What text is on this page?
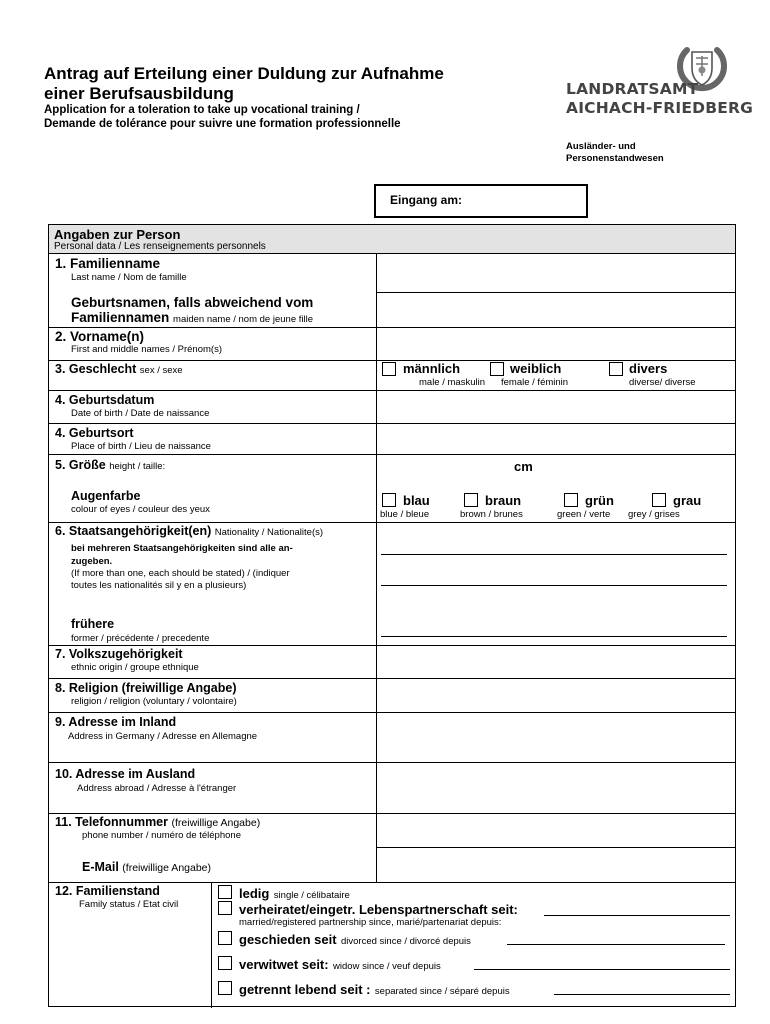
Antrag auf Erteilung einer Duldung zur Aufnahme
einer Berufsausbildung
Application for a toleration to take up vocational training /
Demande de tolérance pour suivre une formation professionnelle
LANDRATSAMT
AICHACH-FRIEDBERG
Ausländer- und
Personenstandwesen
Eingang am:
Angaben zur Person
Personal data / Les renseignements personnels
1. Familienname
Last name / Nom de famille
Geburtsnamen, falls abweichend vom
Familiennamen maiden name / nom de jeune fille
2. Vorname(n)
First and middle names / Prénom(s)
3. Geschlecht sex / sexe	männlich
male / maskulin
weiblich
female / féminin
divers
diverse/ diverse
4. Geburtsdatum
Date of birth / Date de naissance
4. Geburtsort
Place of birth / Lieu de naissance
5. Größe height / taille:	cm
Augenfarbe
colour of eyes / couleur des yeux
blau
blue / bleue
braun
brown / brunes
grün
green / verte
grau
grey / grises
6. Staatsangehörigkeit(en) Nationality / Nationalite(s)
bei mehreren Staatsangehörigkeiten sind alle an-
zugeben.
(If more than one, each should be stated) / (indiquer
toutes les nationalités sil y en a plusieurs)
frühere
former / précédente / precedente
7. Volkszugehörigkeit
ethnic origin / groupe ethnique
8. Religion (freiwillige Angabe)
religion / religion (voluntary / volontaire)
9. Adresse im Inland
Address in Germany / Adresse en Allemagne
10. Adresse im Ausland
Address abroad / Adresse à l'étranger
11. Telefonnummer (freiwillige Angabe)
phone number / numéro de téléphone
E-Mail (freiwillige Angabe)
12. Familienstand
Family status / Etat civil
ledig single / célibataire
verheiratet/eingetr. Lebenspartnerschaft seit:
married/registered partnership since, marié/partenariat depuis:
geschieden seit divorced since / divorcé depuis
verwitwet seit: widow since / veuf depuis
getrennt lebend seit : separated since / séparé depuis
